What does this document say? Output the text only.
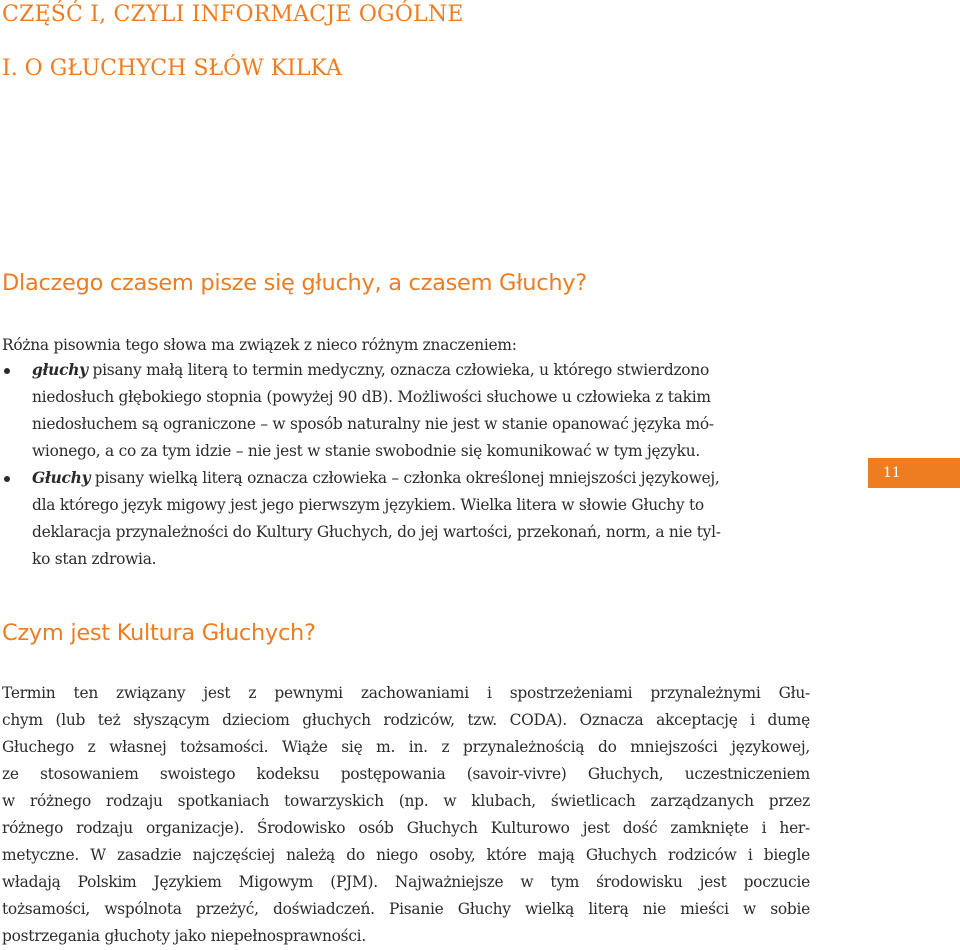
CZĘŚĆ I, CZYLI INFORMACJE OGÓLNE
I. O GŁUCHYCH SŁÓW KILKA
Dlaczego czasem pisze się głuchy, a czasem Głuchy?
Różna pisownia tego słowa ma związek z nieco różnym znaczeniem:
głuchy pisany małą literą to termin medyczny, oznacza człowieka, u którego stwierdzono
niedosłuch głębokiego stopnia (powyżej 90 dB). Możliwości słuchowe u człowieka z takim
niedosłuchem są ograniczone – w sposób naturalny nie jest w stanie opanować języka mó-
wionego, a co za tym idzie – nie jest w stanie swobodnie się komunikować w tym języku.
Głuchy pisany wielką literą oznacza człowieka – członka określonej mniejszości językowej,
dla którego język migowy jest jego pierwszym językiem. Wielka litera w słowie Głuchy to
deklaracja przynależności do Kultury Głuchych, do jej wartości, przekonań, norm, a nie tyl-
ko stan zdrowia.
11
Czym jest Kultura Głuchych?
Termin ten związany jest z pewnymi zachowaniami i spostrzeżeniami przynależnymi Głu-
chym (lub też słyszącym dzieciom głuchych rodziców, tzw. CODA). Oznacza akceptację i dumę
Głuchego z własnej tożsamości. Wiąże się m. in. z przynależnością do mniejszości językowej,
ze stosowaniem swoistego kodeksu postępowania (savoir-vivre) Głuchych, uczestniczeniem
w różnego rodzaju spotkaniach towarzyskich (np. w klubach, świetlicach zarządzanych przez
różnego rodzaju organizacje). Środowisko osób Głuchych Kulturowo jest dość zamknięte i her-
metyczne. W zasadzie najczęściej należą do niego osoby, które mają Głuchych rodziców i biegle
władają Polskim Językiem Migowym (PJM). Najważniejsze w tym środowisku jest poczucie
tożsamości, wspólnota przeżyć, doświadczeń. Pisanie Głuchy wielką literą nie mieści w sobie
postrzegania głuchoty jako niepełnosprawności.
